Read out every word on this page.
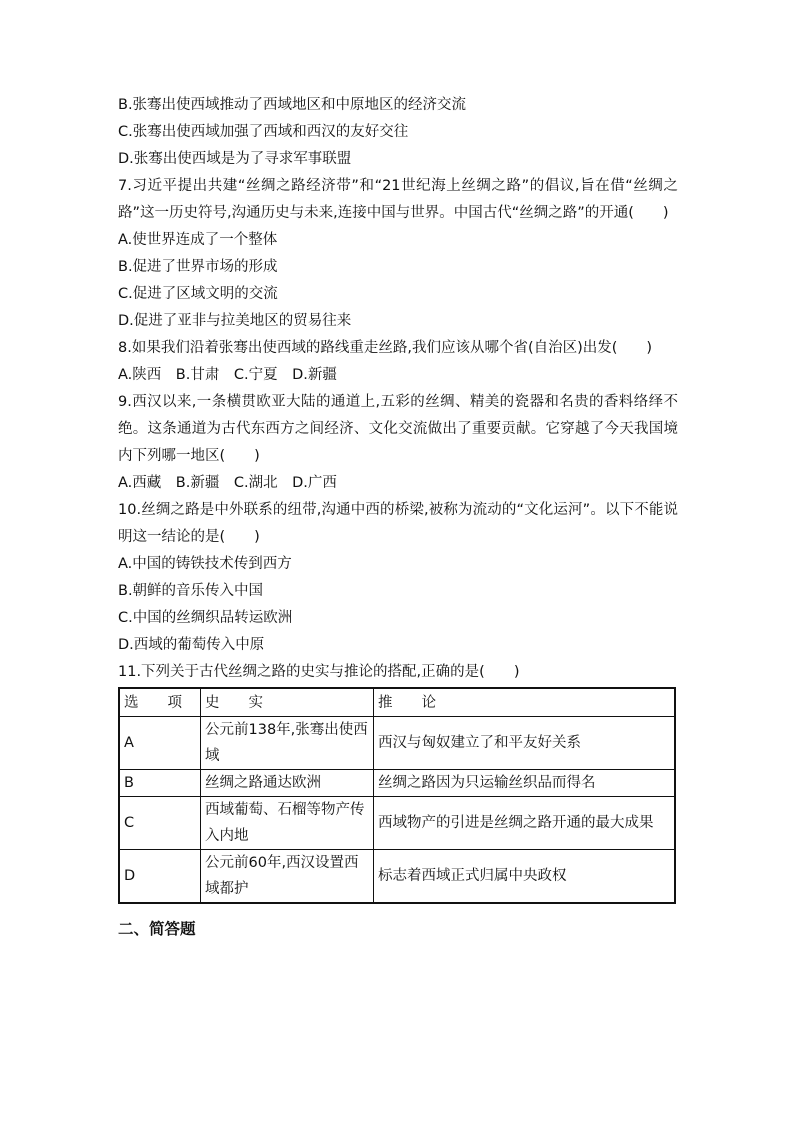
B.张骞出使西域推动了西域地区和中原地区的经济交流
C.张骞出使西域加强了西域和西汉的友好交往
D.张骞出使西域是为了寻求军事联盟
7.习近平提出共建“丝绸之路经济带”和“21世纪海上丝绸之路”的倡议,旨在借“丝绸之路”这一历史符号,沟通历史与未来,连接中国与世界。中国古代“丝绸之路”的开通(　　)
A.使世界连成了一个整体
B.促进了世界市场的形成
C.促进了区域文明的交流
D.促进了亚非与拉美地区的贸易往来
8.如果我们沿着张骞出使西域的路线重走丝路,我们应该从哪个省(自治区)出发(　　)
A.陕西　B.甘肃　C.宁夏　D.新疆
9.西汉以来,一条横贯欧亚大陆的通道上,五彩的丝绸、精美的瓷器和名贵的香料络绎不绝。这条通道为古代东西方之间经济、文化交流做出了重要贡献。它穿越了今天我国境内下列哪一地区(　　)
A.西藏　B.新疆　C.湖北　D.广西
10.丝绸之路是中外联系的纽带,沟通中西的桥梁,被称为流动的“文化运河”。以下不能说明这一结论的是(　　)
A.中国的铸铁技术传到西方
B.朝鲜的音乐传入中国
C.中国的丝绸织品转运欧洲
D.西域的葡萄传入中原
11.下列关于古代丝绸之路的史实与推论的搭配,正确的是(　　)
选　　项	史　　实	推　　论
A	公元前138年,张骞出使西域	西汉与匈奴建立了和平友好关系
B	丝绸之路通达欧洲	丝绸之路因为只运输丝织品而得名
C	西域葡萄、石榴等物产传入内地	西域物产的引进是丝绸之路开通的最大成果
D	公元前60年,西汉设置西域都护	标志着西域正式归属中央政权
二、简答题
